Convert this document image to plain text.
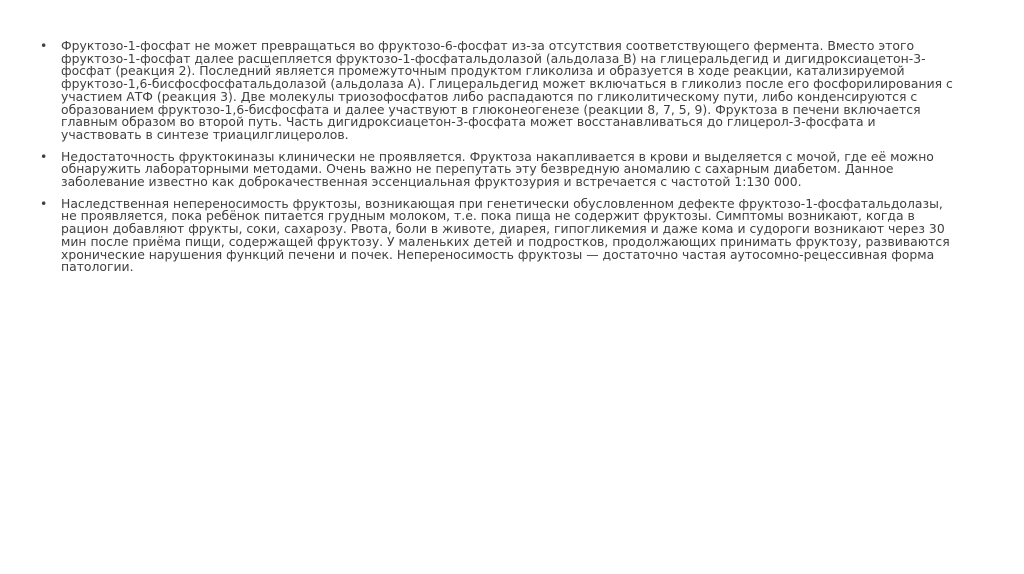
•	Фруктозо-1-фосфат не может превращаться во фруктозо-6-фосфат из-за отсутствия соответствующего фермента. Вместо этого фруктозо-1-фосфат далее расщепляется фруктозо-1-фосфатальдолазой (альдолаза В) на глицеральдегид и дигидроксиацетон-3-фосфат (реакция 2). Последний является промежуточным продуктом гликолиза и образуется в ходе реакции, катализируемой фруктозо-1,6-бисфосфосфатальдолазой (альдолаза А). Глицеральдегид может включаться в гликолиз после его фосфорилирования с участием АТФ (реакция 3). Две молекулы триозофосфатов либо распадаются по гликолитическому пути, либо конденсируются с образованием фруктозо-1,6-бисфосфата и далее участвуют в глюконеогенезе (реакции 8, 7, 5, 9). Фруктоза в печени включается главным образом во второй путь. Часть дигидроксиацетон-3-фосфата может восстанавливаться до глицерол-3-фосфата и участвовать в синтезе триацилглицеролов.
•	Недостаточность фруктокиназы клинически не проявляется. Фруктоза накапливается в крови и выделяется с мочой, где её можно обнаружить лабораторными методами. Очень важно не перепутать эту безвредную аномалию с сахарным диабетом. Данное заболевание известно как доброкачественная эссенциальная фруктозурия и встречается с частотой 1:130 000.
•	Наследственная непереносимость фруктозы, возникающая при генетически обусловленном дефекте фруктозо-1-фосфатальдолазы, не проявляется, пока ребёнок питается грудным молоком, т.е. пока пища не содержит фруктозы. Симптомы возникают, когда в рацион добавляют фрукты, соки, сахарозу. Рвота, боли в животе, диарея, гипогликемия и даже кома и судороги возникают через 30 мин после приёма пищи, содержащей фруктозу. У маленьких детей и подростков, продолжающих принимать фруктозу, развиваются хронические нарушения функций печени и почек. Непереносимость фруктозы — достаточно частая аутосомно-рецессивная форма патологии.
